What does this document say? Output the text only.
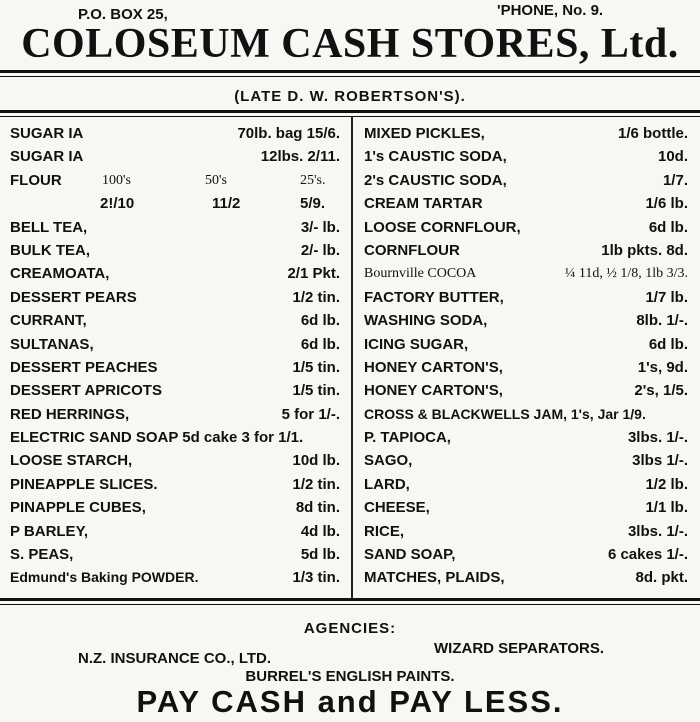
P.O. BOX 25,	'PHONE, No. 9.
COLOSEUM CASH STORES, Ltd.
(LATE D. W. ROBERTSON'S).
SUGAR IA	70lb. bag 15/6.
SUGAR IA	12lbs. 2/11.
FLOUR	100's	50's	25's.
2!/10	11/2	5/9.
BELL TEA,	3/- lb.
BULK TEA,	2/- lb.
CREAMOATA,	2/1 Pkt.
DESSERT PEARS	1/2 tin.
CURRANT,	6d lb.
SULTANAS,	6d lb.
DESSERT PEACHES	1/5 tin.
DESSERT APRICOTS	1/5 tin.
RED HERRINGS,	5 for 1/-.
ELECTRIC SAND SOAP 5d cake 3 for 1/1.
LOOSE STARCH,	10d lb.
PINEAPPLE SLICES.	1/2 tin.
PINAPPLE CUBES,	8d tin.
P BARLEY,	4d lb.
S. PEAS,	5d lb.
Edmund's Baking POWDER.	1/3 tin.
MIXED PICKLES,	1/6 bottle.
1's CAUSTIC SODA,	10d.
2's CAUSTIC SODA,	1/7.
CREAM TARTAR	1/6 lb.
LOOSE CORNFLOUR,	6d lb.
CORNFLOUR	1lb pkts. 8d.
Bournville COCOA	¼ 11d, ½ 1/8, 1lb 3/3.
FACTORY BUTTER,	1/7 lb.
WASHING SODA,	8lb. 1/-.
ICING SUGAR,	6d lb.
HONEY CARTON'S,	1's, 9d.
HONEY CARTON'S,	2's, 1/5.
CROSS & BLACKWELLS JAM, 1's, Jar 1/9.
P. TAPIOCA,	3lbs. 1/-.
SAGO,	3lbs 1/-.
LARD,	1/2 lb.
CHEESE,	1/1 lb.
RICE,	3lbs. 1/-.
SAND SOAP,	6 cakes 1/-.
MATCHES, PLAIDS,	8d. pkt.
AGENCIES:
WIZARD SEPARATORS.
N.Z. INSURANCE CO., LTD.
BURREL'S ENGLISH PAINTS.
PAY CASH and PAY LESS.
